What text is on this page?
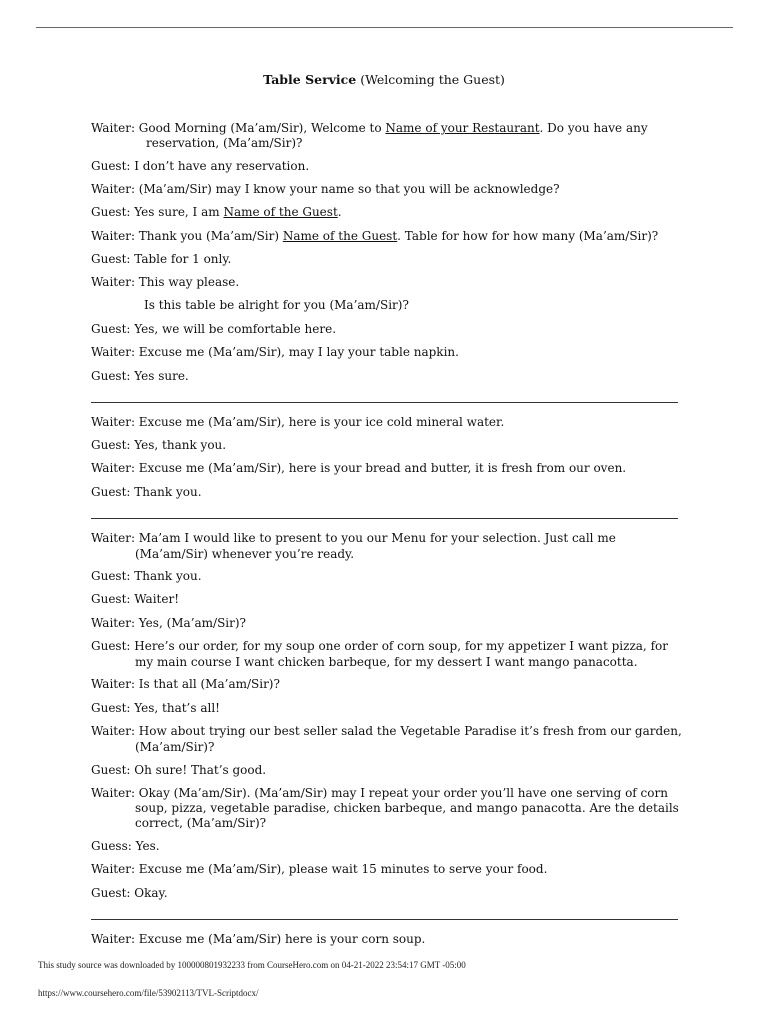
Table Service (Welcoming the Guest)
Waiter: Good Morning (Ma’am/Sir), Welcome to Name of your Restaurant. Do you have any
reservation, (Ma’am/Sir)?
Guest: I don’t have any reservation.
Waiter: (Ma’am/Sir) may I know your name so that you will be acknowledge?
Guest: Yes sure, I am Name of the Guest.
Waiter: Thank you (Ma’am/Sir) Name of the Guest. Table for how for how many (Ma’am/Sir)?
Guest: Table for 1 only.
Waiter: This way please.
Is this table be alright for you (Ma’am/Sir)?
Guest: Yes, we will be comfortable here.
Waiter: Excuse me (Ma’am/Sir), may I lay your table napkin.
Guest: Yes sure.
Waiter: Excuse me (Ma’am/Sir), here is your ice cold mineral water.
Guest: Yes, thank you.
Waiter: Excuse me (Ma’am/Sir), here is your bread and butter, it is fresh from our oven.
Guest: Thank you.
Waiter: Ma’am I would like to present to you our Menu for your selection. Just call me
(Ma’am/Sir) whenever you’re ready.
Guest: Thank you.
Guest: Waiter!
Waiter: Yes, (Ma’am/Sir)?
Guest: Here’s our order, for my soup one order of corn soup, for my appetizer I want pizza, for
my main course I want chicken barbeque, for my dessert I want mango panacotta.
Waiter: Is that all (Ma’am/Sir)?
Guest: Yes, that’s all!
Waiter: How about trying our best seller salad the Vegetable Paradise it’s fresh from our garden,
(Ma’am/Sir)?
Guest: Oh sure! That’s good.
Waiter: Okay (Ma’am/Sir). (Ma’am/Sir) may I repeat your order you’ll have one serving of corn
soup, pizza, vegetable paradise, chicken barbeque, and mango panacotta. Are the details
correct, (Ma’am/Sir)?
Guess: Yes.
Waiter: Excuse me (Ma’am/Sir), please wait 15 minutes to serve your food.
Guest: Okay.
Waiter: Excuse me (Ma’am/Sir) here is your corn soup.
This study source was downloaded by 100000801932233 from CourseHero.com on 04-21-2022 23:54:17 GMT -05:00
https://www.coursehero.com/file/53902113/TVL-Scriptdocx/
